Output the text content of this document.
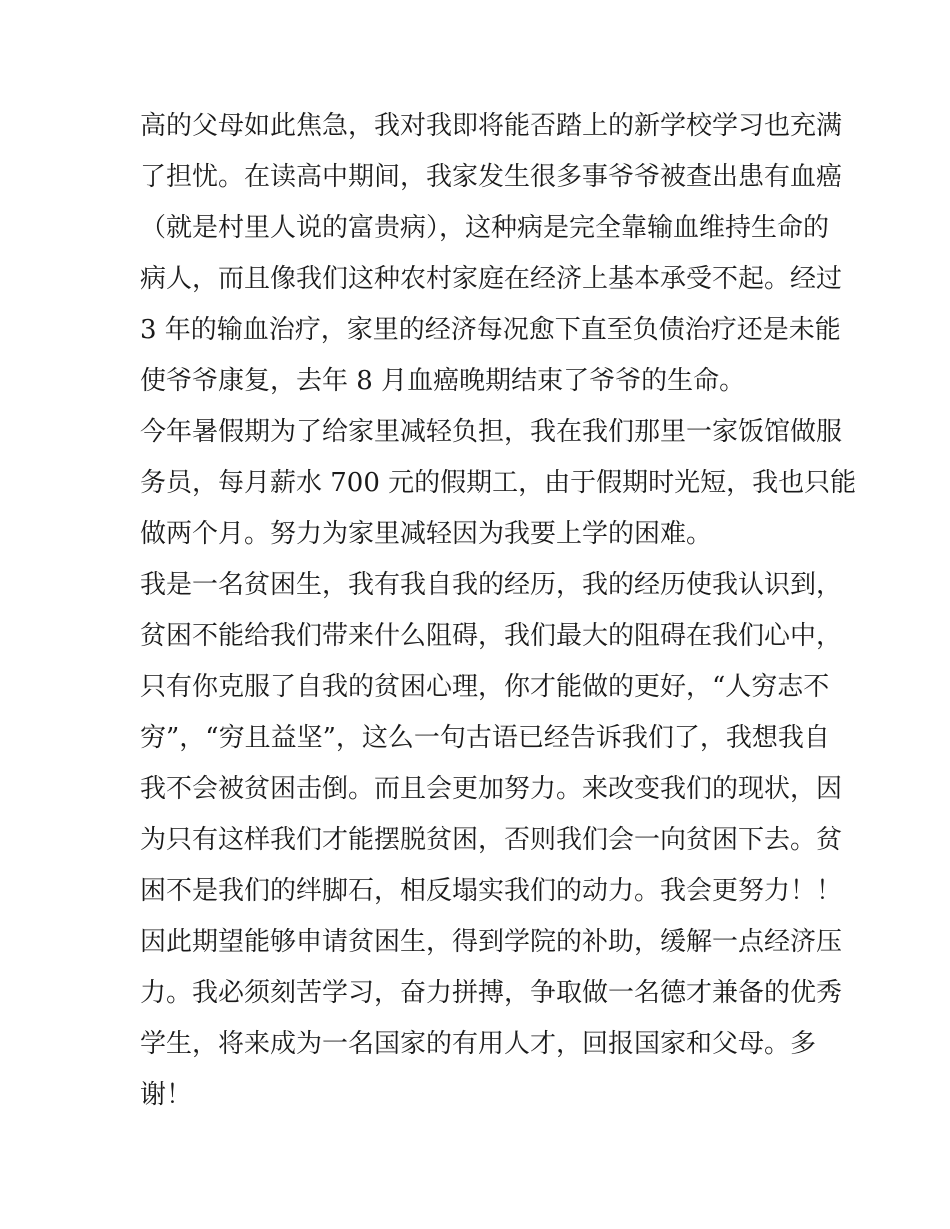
高的父母如此焦急，我对我即将能否踏上的新学校学习也充满
了担忧。在读高中期间，我家发生很多事爷爷被查出患有血癌
（就是村里人说的富贵病），这种病是完全靠输血维持生命的
病人，而且像我们这种农村家庭在经济上基本承受不起。经过
3 年的输血治疗，家里的经济每况愈下直至负债治疗还是未能
使爷爷康复，去年 8 月血癌晚期结束了爷爷的生命。
今年暑假期为了给家里减轻负担，我在我们那里一家饭馆做服
务员，每月薪水 700 元的假期工，由于假期时光短，我也只能
做两个月。努力为家里减轻因为我要上学的困难。
我是一名贫困生，我有我自我的经历，我的经历使我认识到，
贫困不能给我们带来什么阻碍，我们最大的阻碍在我们心中，
只有你克服了自我的贫困心理，你才能做的更好，“人穷志不
穷”，“穷且益坚”，这么一句古语已经告诉我们了，我想我自
我不会被贫困击倒。而且会更加努力。来改变我们的现状，因
为只有这样我们才能摆脱贫困，否则我们会一向贫困下去。贫
困不是我们的绊脚石，相反塌实我们的动力。我会更努力！！
因此期望能够申请贫困生，得到学院的补助，缓解一点经济压
力。我必须刻苦学习，奋力拼搏，争取做一名德才兼备的优秀
学生，将来成为一名国家的有用人才，回报国家和父母。多
谢！
